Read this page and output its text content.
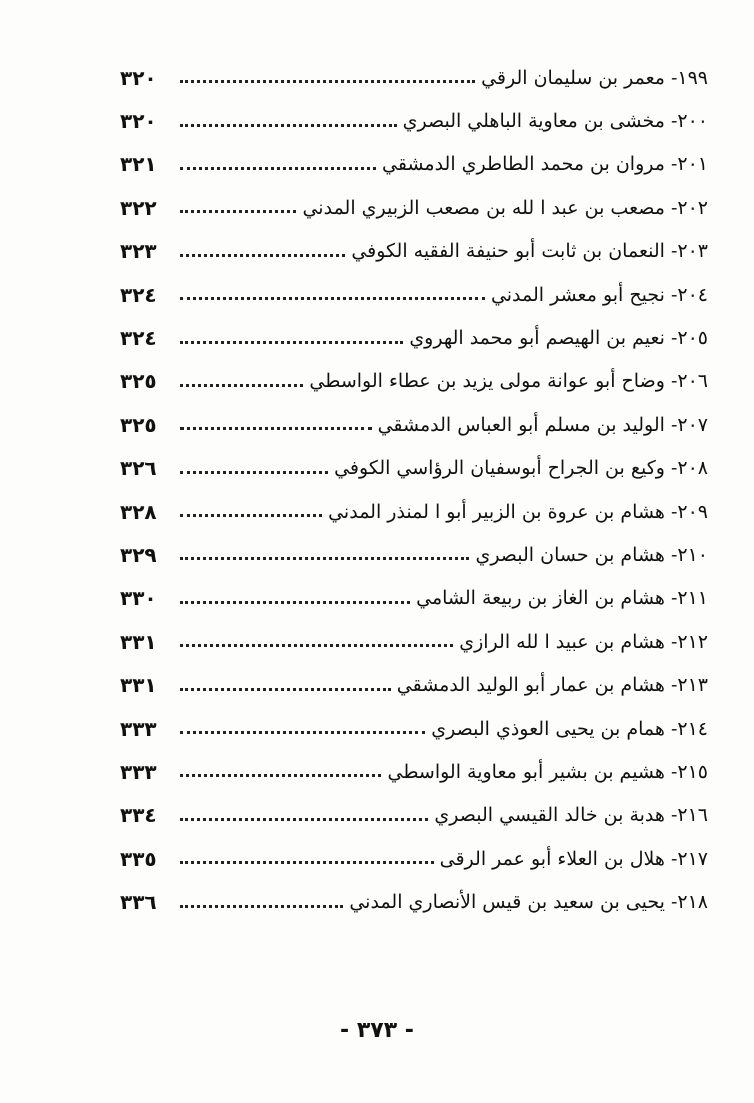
٣٢٠	١٩٩- معمر بن سليمان الرقي
٣٢٠	٢٠٠- مخشى بن معاوية الباهلي البصري
٣٢١	٢٠١- مروان بن محمد الطاطري الدمشقي
٣٢٢	٢٠٢- مصعب بن عبد ا لله بن مصعب الزبيري المدني
٣٢٣	٢٠٣- النعمان بن ثابت أبو حنيفة الفقيه الكوفي
٣٢٤	٢٠٤- نجيح أبو معشر المدني
٣٢٤	٢٠٥- نعيم بن الهيصم أبو محمد الهروي
٣٢٥	٢٠٦- وضاح أبو عوانة مولى يزيد بن عطاء الواسطي
٣٢٥	٢٠٧- الوليد بن مسلم أبو العباس الدمشقي
٣٢٦	٢٠٨- وكيع بن الجراح أبوسفيان الرؤاسي الكوفي
٣٢٨	٢٠٩- هشام بن عروة بن الزبير أبو ا لمنذر المدني
٣٢٩	٢١٠- هشام بن حسان البصري
٣٣٠	٢١١- هشام بن الغاز بن ربيعة الشامي
٣٣١	٢١٢- هشام بن عبيد ا لله الرازي
٣٣١	٢١٣- هشام بن عمار أبو الوليد الدمشقي
٣٣٣	٢١٤- همام بن يحيى العوذي البصري
٣٣٣	٢١٥- هشيم بن بشير أبو معاوية الواسطي
٣٣٤	٢١٦- هدبة بن خالد القيسي البصري
٣٣٥	٢١٧- هلال بن العلاء أبو عمر الرقى
٣٣٦	٢١٨- يحيى بن سعيد بن قيس الأنصاري المدني
- ٣٧٣ -
